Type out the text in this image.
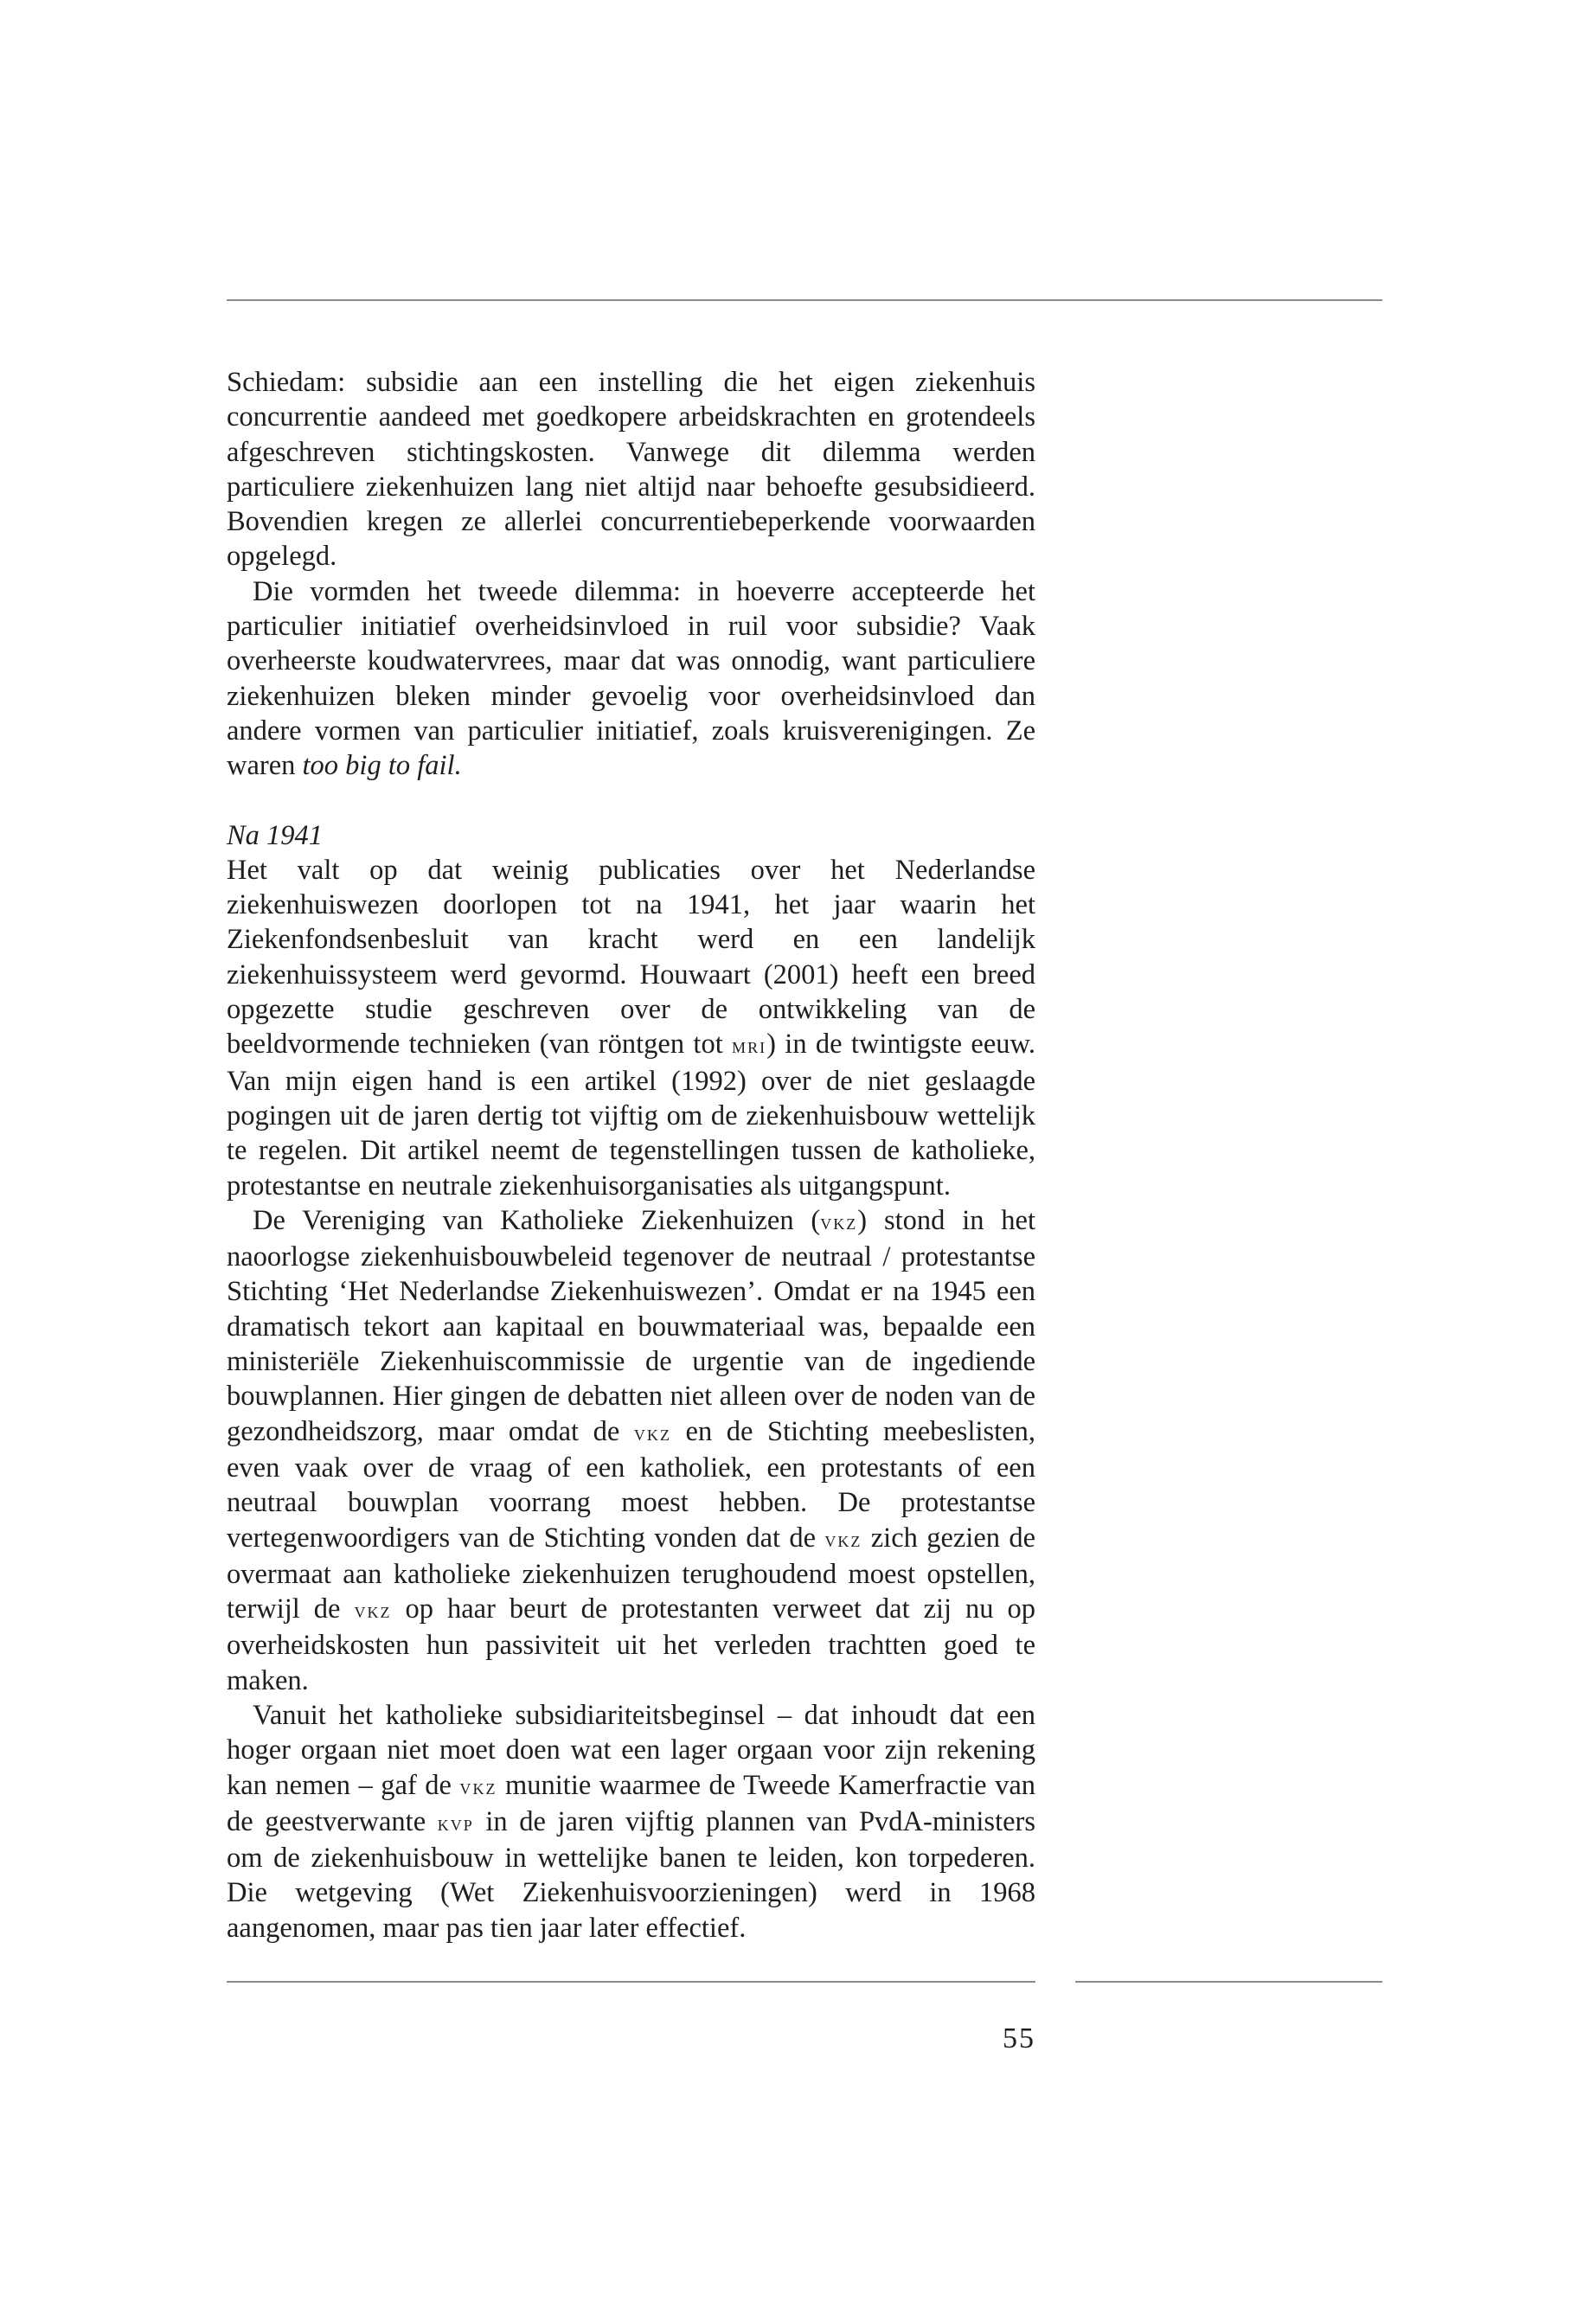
Schiedam: subsidie aan een instelling die het eigen ziekenhuis concurrentie aandeed met goedkopere arbeidskrachten en grotendeels afgeschreven stichtingskosten. Vanwege dit dilemma werden particuliere ziekenhuizen lang niet altijd naar behoefte gesubsidieerd. Bovendien kregen ze allerlei concurrentiebeperkende voorwaarden opgelegd.

Die vormden het tweede dilemma: in hoeverre accepteerde het particulier initiatief overheidsinvloed in ruil voor subsidie? Vaak overheerste koudwatervrees, maar dat was onnodig, want particuliere ziekenhuizen bleken minder gevoelig voor overheidsinvloed dan andere vormen van particulier initiatief, zoals kruisverenigingen. Ze waren too big to fail.

Na 1941

Het valt op dat weinig publicaties over het Nederlandse ziekenhuiswezen doorlopen tot na 1941, het jaar waarin het Ziekenfondsenbesluit van kracht werd en een landelijk ziekenhuissysteem werd gevormd. Houwaart (2001) heeft een breed opgezette studie geschreven over de ontwikkeling van de beeldvormende technieken (van röntgen tot mri) in de twintigste eeuw. Van mijn eigen hand is een artikel (1992) over de niet geslaagde pogingen uit de jaren dertig tot vijftig om de ziekenhuisbouw wettelijk te regelen. Dit artikel neemt de tegenstellingen tussen de katholieke, protestantse en neutrale ziekenhuisorganisaties als uitgangspunt.

De Vereniging van Katholieke Ziekenhuizen (vkz) stond in het naoorlogse ziekenhuisbouwbeleid tegenover de neutraal / protestantse Stichting ‘Het Nederlandse Ziekenhuiswezen’. Omdat er na 1945 een dramatisch tekort aan kapitaal en bouwmateriaal was, bepaalde een ministeriële Ziekenhuiscommissie de urgentie van de ingediende bouwplannen. Hier gingen de debatten niet alleen over de noden van de gezondheidszorg, maar omdat de vkz en de Stichting meebeslisten, even vaak over de vraag of een katholiek, een protestants of een neutraal bouwplan voorrang moest hebben. De protestantse vertegenwoordigers van de Stichting vonden dat de vkz zich gezien de overmaat aan katholieke ziekenhuizen terughoudend moest opstellen, terwijl de vkz op haar beurt de protestanten verweet dat zij nu op overheidskosten hun passiviteit uit het verleden trachtten goed te maken.

Vanuit het katholieke subsidiariteitsbeginsel – dat inhoudt dat een hoger orgaan niet moet doen wat een lager orgaan voor zijn rekening kan nemen – gaf de vkz munitie waarmee de Tweede Kamerfractie van de geestverwante kvp in de jaren vijftig plannen van PvdA-ministers om de ziekenhuisbouw in wettelijke banen te leiden, kon torpederen. Die wetgeving (Wet Ziekenhuisvoorzieningen) werd in 1968 aangenomen, maar pas tien jaar later effectief.

55
